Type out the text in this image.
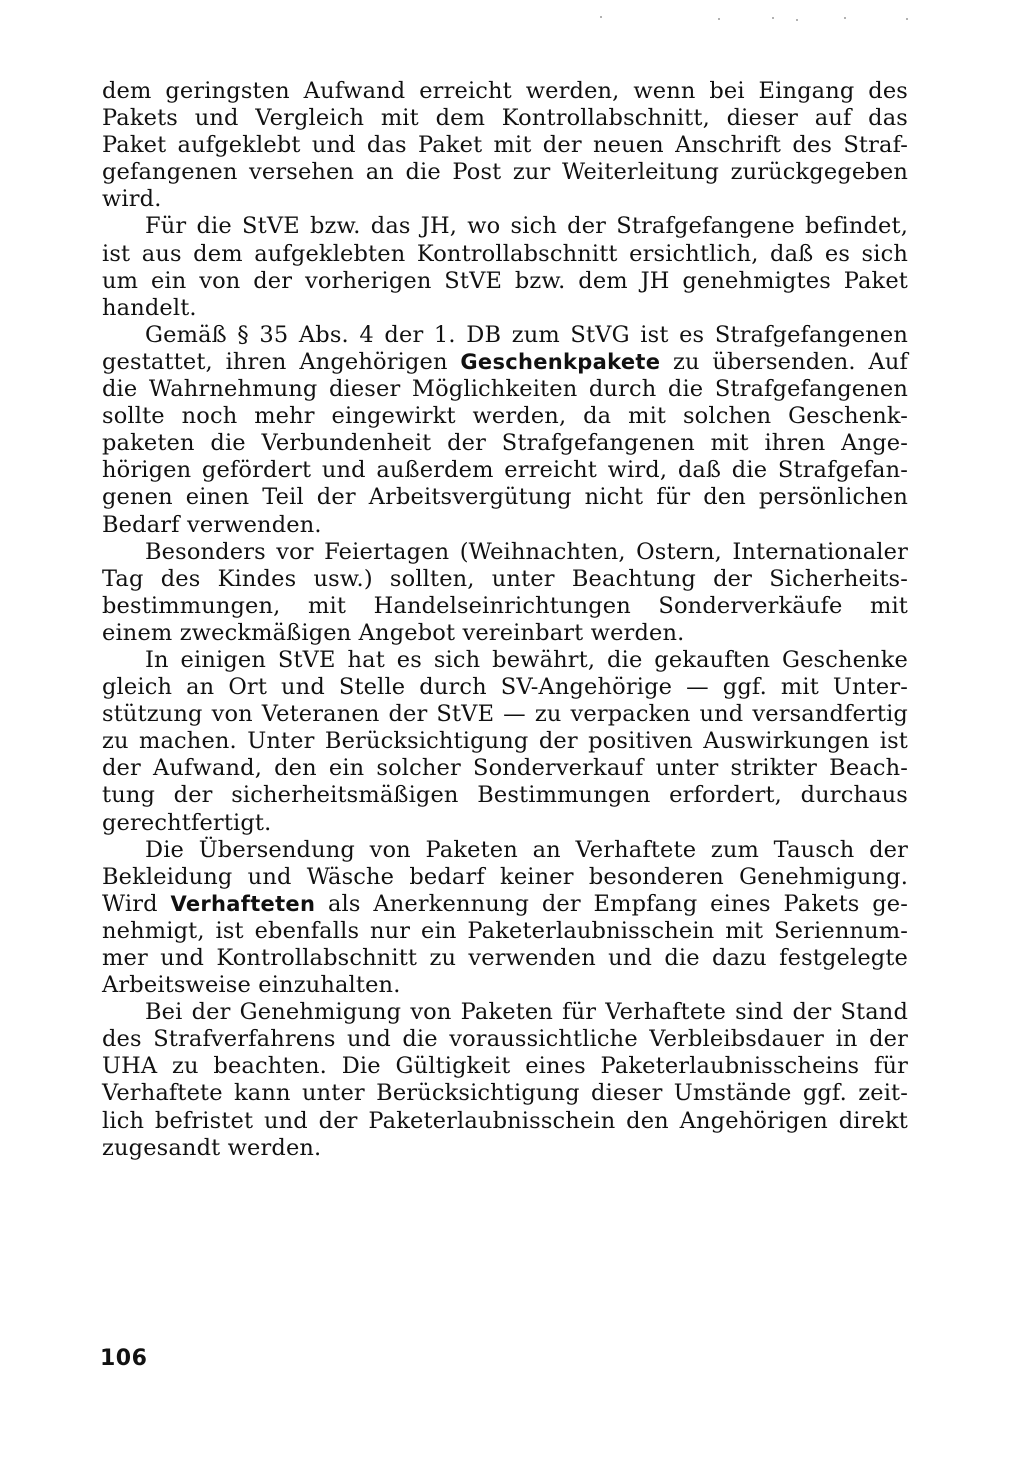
dem geringsten Aufwand erreicht werden, wenn bei Eingang des
Pakets und Vergleich mit dem Kontrollabschnitt, dieser auf das
Paket aufgeklebt und das Paket mit der neuen Anschrift des Straf-
gefangenen versehen an die Post zur Weiterleitung zurückgegeben
wird.
Für die StVE bzw. das JH, wo sich der Strafgefangene befindet,
ist aus dem aufgeklebten Kontrollabschnitt ersichtlich, daß es sich
um ein von der vorherigen StVE bzw. dem JH genehmigtes Paket
handelt.
Gemäß § 35 Abs. 4 der 1. DB zum StVG ist es Strafgefangenen
gestattet, ihren Angehörigen Geschenkpakete zu übersenden. Auf
die Wahrnehmung dieser Möglichkeiten durch die Strafgefangenen
sollte noch mehr eingewirkt werden, da mit solchen Geschenk-
paketen die Verbundenheit der Strafgefangenen mit ihren Ange-
hörigen gefördert und außerdem erreicht wird, daß die Strafgefan-
genen einen Teil der Arbeitsvergütung nicht für den persönlichen
Bedarf verwenden.
Besonders vor Feiertagen (Weihnachten, Ostern, Internationaler
Tag des Kindes usw.) sollten, unter Beachtung der Sicherheits-
bestimmungen, mit Handelseinrichtungen Sonderverkäufe mit
einem zweckmäßigen Angebot vereinbart werden.
In einigen StVE hat es sich bewährt, die gekauften Geschenke
gleich an Ort und Stelle durch SV-Angehörige — ggf. mit Unter-
stützung von Veteranen der StVE — zu verpacken und versandfertig
zu machen. Unter Berücksichtigung der positiven Auswirkungen ist
der Aufwand, den ein solcher Sonderverkauf unter strikter Beach-
tung der sicherheitsmäßigen Bestimmungen erfordert, durchaus
gerechtfertigt.
Die Übersendung von Paketen an Verhaftete zum Tausch der
Bekleidung und Wäsche bedarf keiner besonderen Genehmigung.
Wird Verhafteten als Anerkennung der Empfang eines Pakets ge-
nehmigt, ist ebenfalls nur ein Paketerlaubnisschein mit Seriennum-
mer und Kontrollabschnitt zu verwenden und die dazu festgelegte
Arbeitsweise einzuhalten.
Bei der Genehmigung von Paketen für Verhaftete sind der Stand
des Strafverfahrens und die voraussichtliche Verbleibsdauer in der
UHA zu beachten. Die Gültigkeit eines Paketerlaubnisscheins für
Verhaftete kann unter Berücksichtigung dieser Umstände ggf. zeit-
lich befristet und der Paketerlaubnisschein den Angehörigen direkt
zugesandt werden.
106
